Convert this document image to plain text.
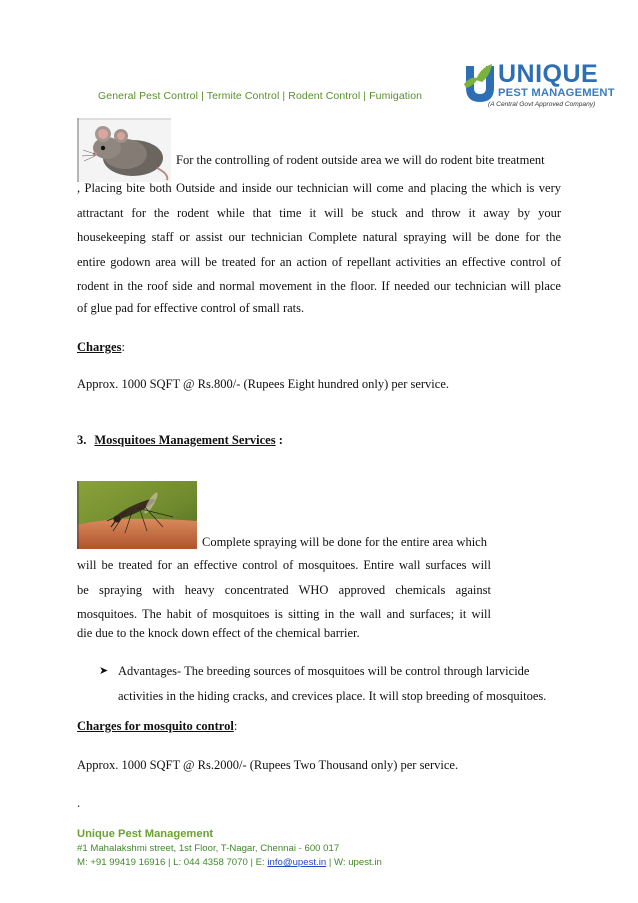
General Pest Control | Termite Control | Rodent Control | Fumigation
UNIQUE
PEST MANAGEMENT
(A Central Govt Approved Company)
For the controlling of rodent outside area we will do rodent bite treatment
, Placing bite both Outside and inside our technician will come and placing the which is very
attractant for the rodent while that time it will be stuck and throw it away by your
housekeeping staff or assist our technician Complete natural spraying will be done for the
entire godown area will be treated for an action of repellant activities an effective control of
rodent in the roof side and normal movement in the floor. If needed our technician will place
of glue pad for effective control of small rats.
Charges:
Approx. 1000 SQFT @ Rs.800/- (Rupees Eight hundred only) per service.
3. Mosquitoes Management Services :
Complete spraying will be done for the entire area which
will be treated for an effective control of mosquitoes. Entire wall surfaces will
be spraying with heavy concentrated WHO approved chemicals against
mosquitoes. The habit of mosquitoes is sitting in the wall and surfaces; it will
die due to the knock down effect of the chemical barrier.
➤ Advantages- The breeding sources of mosquitoes will be control through larvicide activities in the hiding cracks, and crevices place. It will stop breeding of mosquitoes.
Charges for mosquito control:
Approx. 1000 SQFT @ Rs.2000/- (Rupees Two Thousand only) per service.
.
Unique Pest Management
#1 Mahalakshmi street, 1st Floor, T-Nagar, Chennai - 600 017
M: +91 99419 16916 | L: 044 4358 7070 | E: info@upest.in | W: upest.in
